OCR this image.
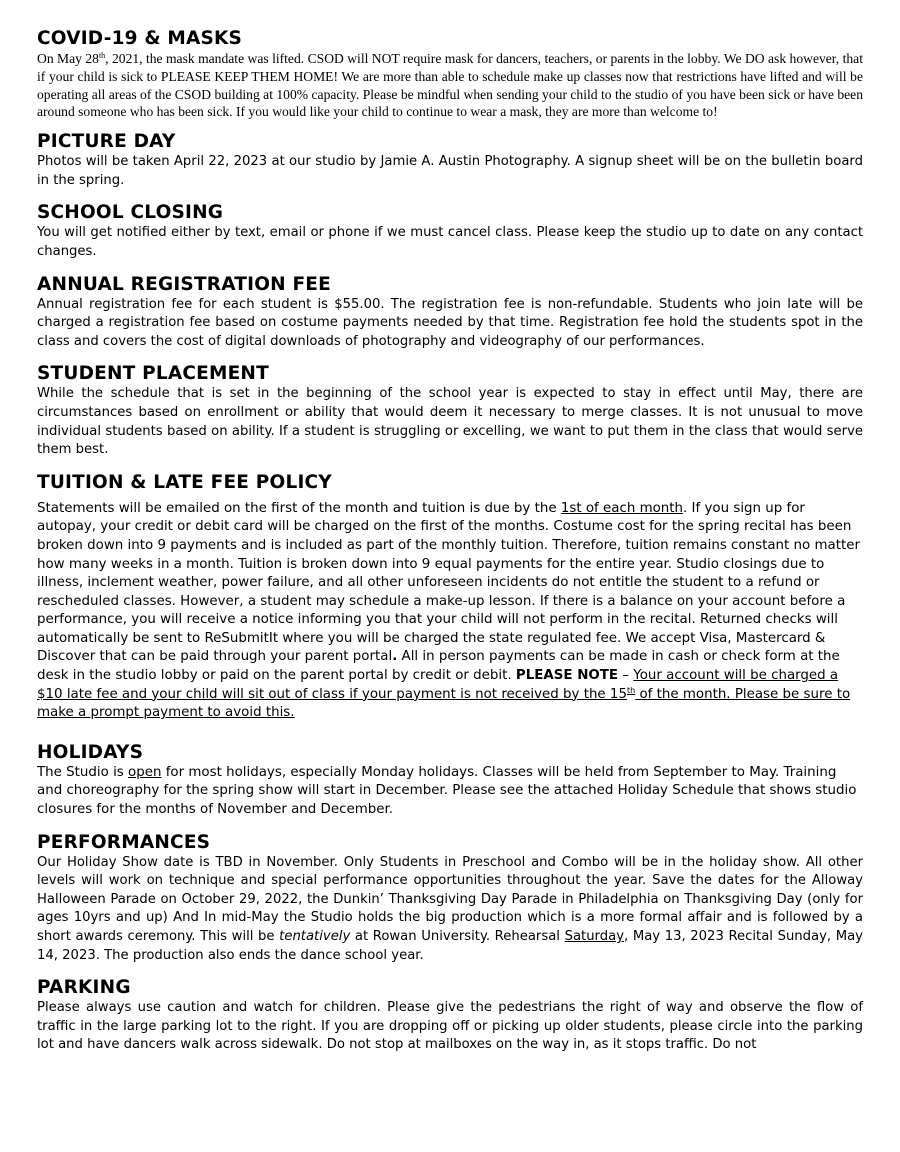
COVID-19 & MASKS

On May 28th, 2021, the mask mandate was lifted. CSOD will NOT require mask for dancers, teachers, or parents in the lobby. We DO ask however, that if your child is sick to PLEASE KEEP THEM HOME! We are more than able to schedule make up classes now that restrictions have lifted and will be operating all areas of the CSOD building at 100% capacity. Please be mindful when sending your child to the studio of you have been sick or have been around someone who has been sick. If you would like your child to continue to wear a mask, they are more than welcome to!

PICTURE DAY

Photos will be taken April 22, 2023 at our studio by Jamie A. Austin Photography. A signup sheet will be on the bulletin board in the spring.

SCHOOL CLOSING

You will get notified either by text, email or phone if we must cancel class. Please keep the studio up to date on any contact changes.

ANNUAL REGISTRATION FEE

Annual registration fee for each student is $55.00. The registration fee is non-refundable. Students who join late will be charged a registration fee based on costume payments needed by that time. Registration fee hold the students spot in the class and covers the cost of digital downloads of photography and videography of our performances.

STUDENT PLACEMENT

While the schedule that is set in the beginning of the school year is expected to stay in effect until May, there are circumstances based on enrollment or ability that would deem it necessary to merge classes. It is not unusual to move individual students based on ability. If a student is struggling or excelling, we want to put them in the class that would serve them best.

TUITION & LATE FEE POLICY

Statements will be emailed on the first of the month and tuition is due by the 1st of each month. If you sign up for autopay, your credit or debit card will be charged on the first of the months. Costume cost for the spring recital has been broken down into 9 payments and is included as part of the monthly tuition. Therefore, tuition remains constant no matter how many weeks in a month. Tuition is broken down into 9 equal payments for the entire year. Studio closings due to illness, inclement weather, power failure, and all other unforeseen incidents do not entitle the student to a refund or rescheduled classes. However, a student may schedule a make-up lesson. If there is a balance on your account before a performance, you will receive a notice informing you that your child will not perform in the recital. Returned checks will automatically be sent to ReSubmitIt where you will be charged the state regulated fee. We accept Visa, Mastercard & Discover that can be paid through your parent portal. All in person payments can be made in cash or check form at the desk in the studio lobby or paid on the parent portal by credit or debit. PLEASE NOTE – Your account will be charged a $10 late fee and your child will sit out of class if your payment is not received by the 15th of the month. Please be sure to make a prompt payment to avoid this.

HOLIDAYS

The Studio is open for most holidays, especially Monday holidays. Classes will be held from September to May. Training and choreography for the spring show will start in December. Please see the attached Holiday Schedule that shows studio closures for the months of November and December.

PERFORMANCES

Our Holiday Show date is TBD in November. Only Students in Preschool and Combo will be in the holiday show. All other levels will work on technique and special performance opportunities throughout the year. Save the dates for the Alloway Halloween Parade on October 29, 2022, the Dunkin’ Thanksgiving Day Parade in Philadelphia on Thanksgiving Day (only for ages 10yrs and up) And In mid-May the Studio holds the big production which is a more formal affair and is followed by a short awards ceremony. This will be tentatively at Rowan University. Rehearsal Saturday, May 13, 2023 Recital Sunday, May 14, 2023. The production also ends the dance school year.

PARKING

Please always use caution and watch for children. Please give the pedestrians the right of way and observe the flow of traffic in the large parking lot to the right. If you are dropping off or picking up older students, please circle into the parking lot and have dancers walk across sidewalk. Do not stop at mailboxes on the way in, as it stops traffic. Do not
